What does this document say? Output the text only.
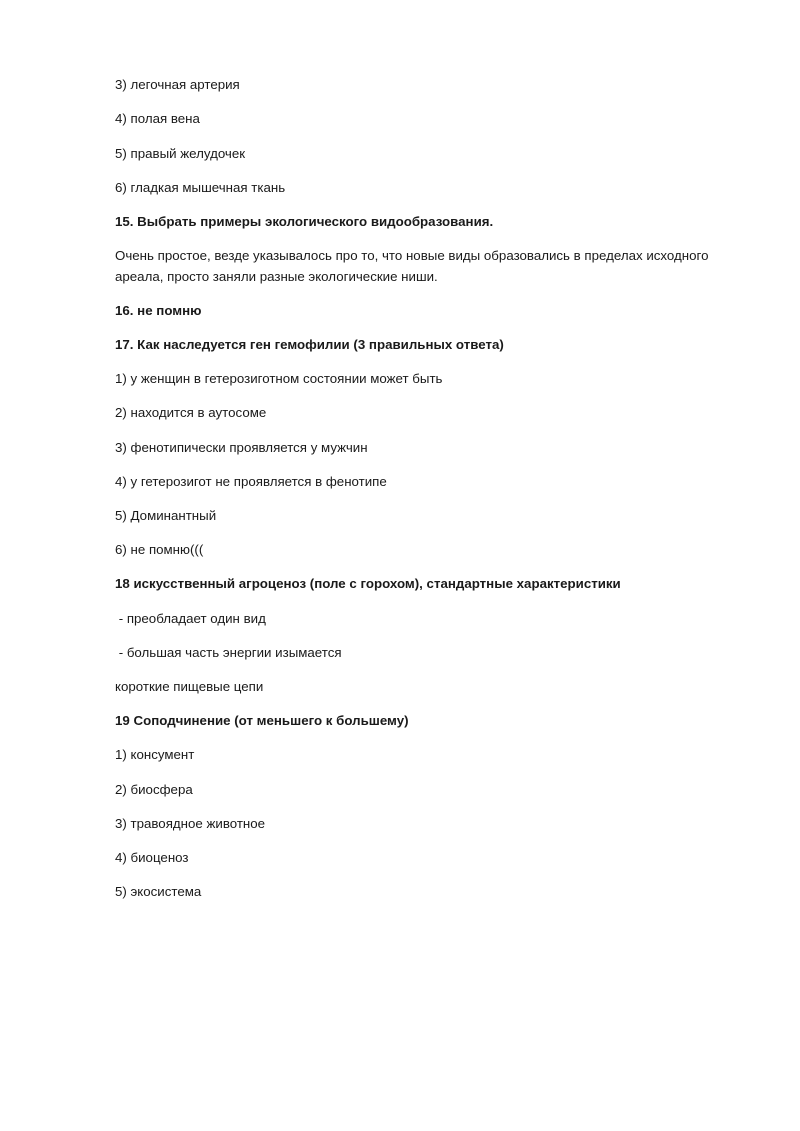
3) легочная артерия
4) полая вена
5) правый желудочек
6) гладкая мышечная ткань
15. Выбрать примеры экологического видообразования.
Очень простое, везде указывалось про то, что новые виды образовались в пределах исходного ареала, просто заняли разные экологические ниши.
16. не помню
17. Как наследуется ген гемофилии (3 правильных ответа)
1) у женщин в гетерозиготном состоянии может быть
2) находится в аутосоме
3) фенотипически проявляется у мужчин
4) у гетерозигот не проявляется в фенотипе
5) Доминантный
6) не помню(((
18 искусственный агроценоз (поле с горохом), стандартные характеристики
- преобладает один вид
- большая часть энергии изымается
короткие пищевые цепи
19 Соподчинение (от меньшего к большему)
1) консумент
2) биосфера
3) травоядное животное
4) биоценоз
5) экосистема
